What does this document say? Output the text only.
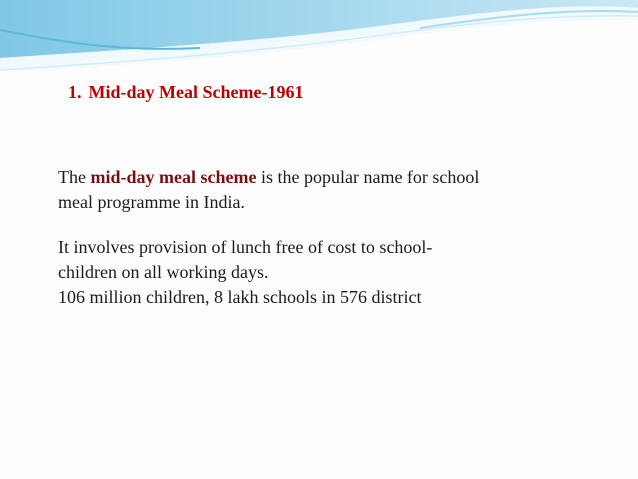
1. Mid-day Meal Scheme-1961

The mid-day meal scheme is the popular name for school
meal programme in India.

It involves provision of lunch free of cost to school-
children on all working days.
106 million children, 8 lakh schools in 576 district
